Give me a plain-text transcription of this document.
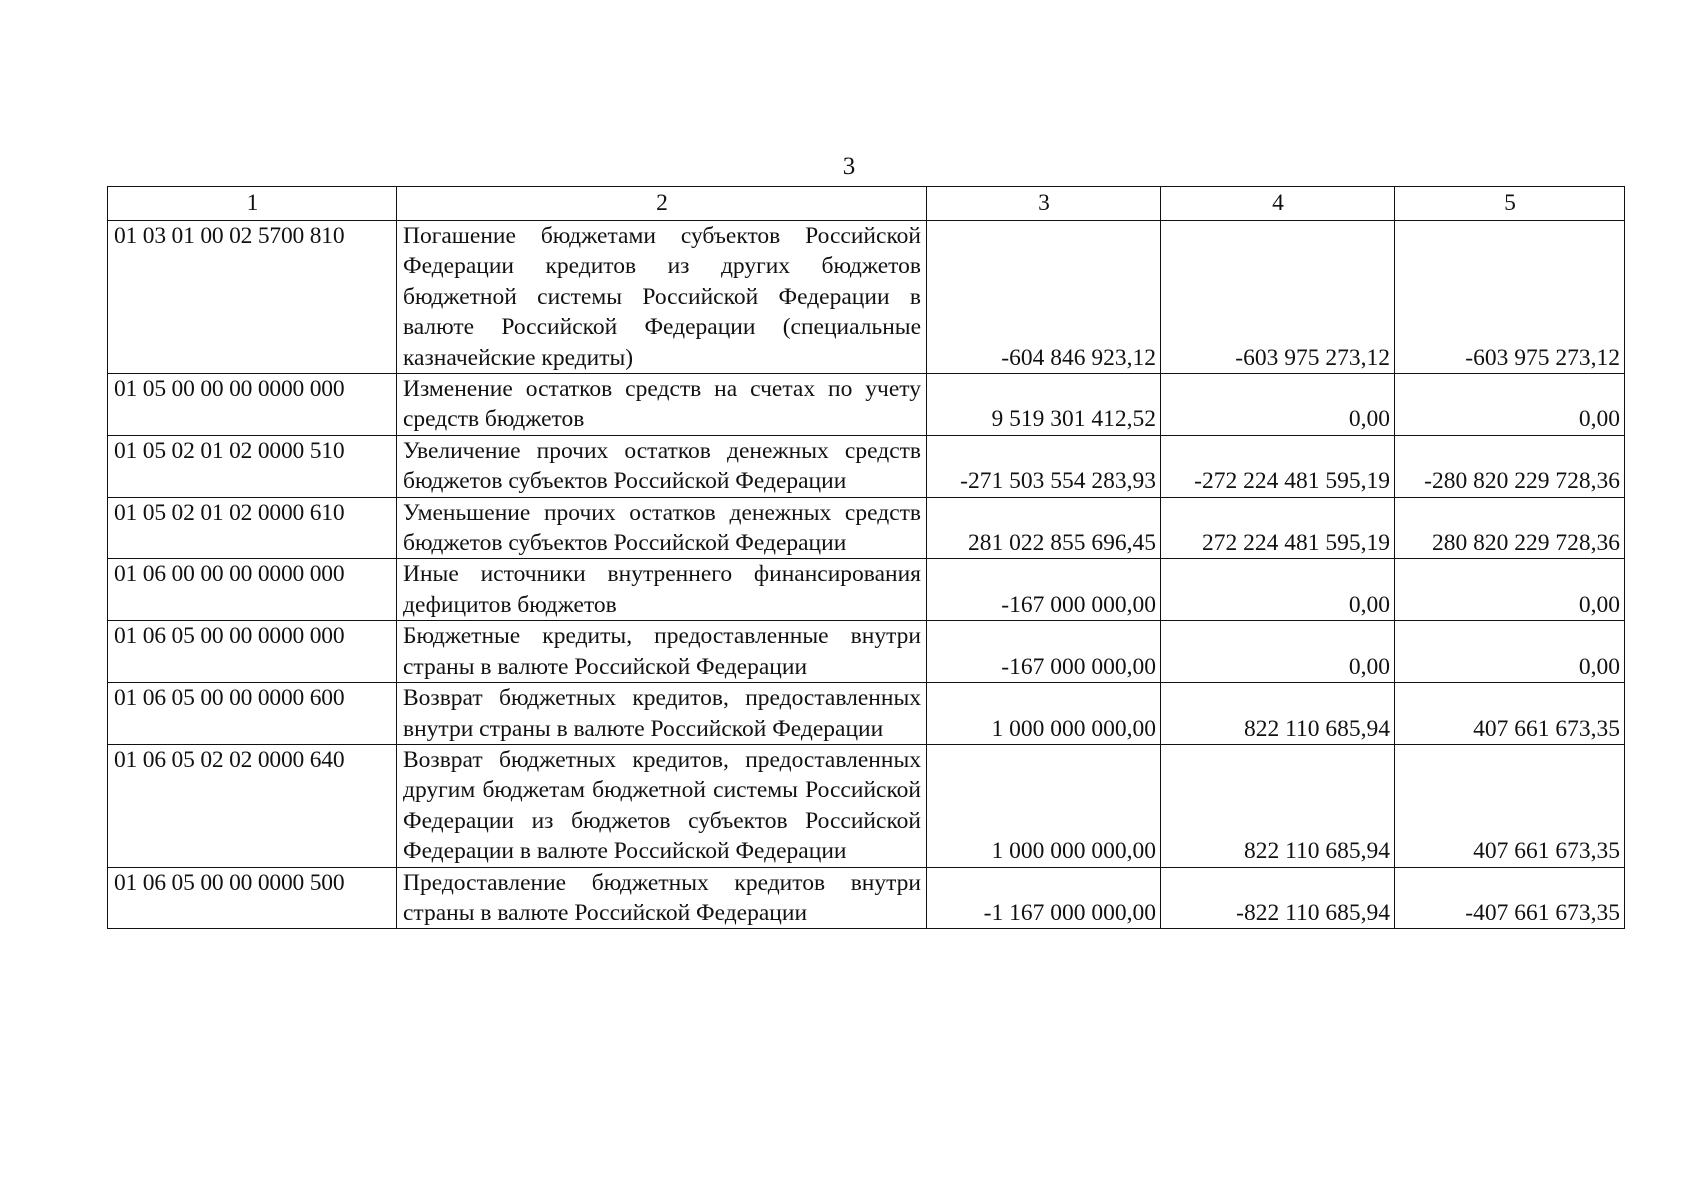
3
1	2	3	4	5
01 03 01 00 02 5700 810	Погашение бюджетами субъектов Российской Федерации кредитов из других бюджетов бюджетной системы Российской Федерации в валюте Российской Федерации (специальные казначейские кредиты)	-604 846 923,12	-603 975 273,12	-603 975 273,12
01 05 00 00 00 0000 000	Изменение остатков средств на счетах по учету средств бюджетов	9 519 301 412,52	0,00	0,00
01 05 02 01 02 0000 510	Увеличение прочих остатков денежных средств бюджетов субъектов Российской Федерации	-271 503 554 283,93	-272 224 481 595,19	-280 820 229 728,36
01 05 02 01 02 0000 610	Уменьшение прочих остатков денежных средств бюджетов субъектов Российской Федерации	281 022 855 696,45	272 224 481 595,19	280 820 229 728,36
01 06 00 00 00 0000 000	Иные источники внутреннего финансирования дефицитов бюджетов	-167 000 000,00	0,00	0,00
01 06 05 00 00 0000 000	Бюджетные кредиты, предоставленные внутри страны в валюте Российской Федерации	-167 000 000,00	0,00	0,00
01 06 05 00 00 0000 600	Возврат бюджетных кредитов, предоставленных внутри страны в валюте Российской Федерации	1 000 000 000,00	822 110 685,94	407 661 673,35
01 06 05 02 02 0000 640	Возврат бюджетных кредитов, предоставленных другим бюджетам бюджетной системы Российской Федерации из бюджетов субъектов Российской Федерации в валюте Российской Федерации	1 000 000 000,00	822 110 685,94	407 661 673,35
01 06 05 00 00 0000 500	Предоставление бюджетных кредитов внутри страны в валюте Российской Федерации	-1 167 000 000,00	-822 110 685,94	-407 661 673,35
